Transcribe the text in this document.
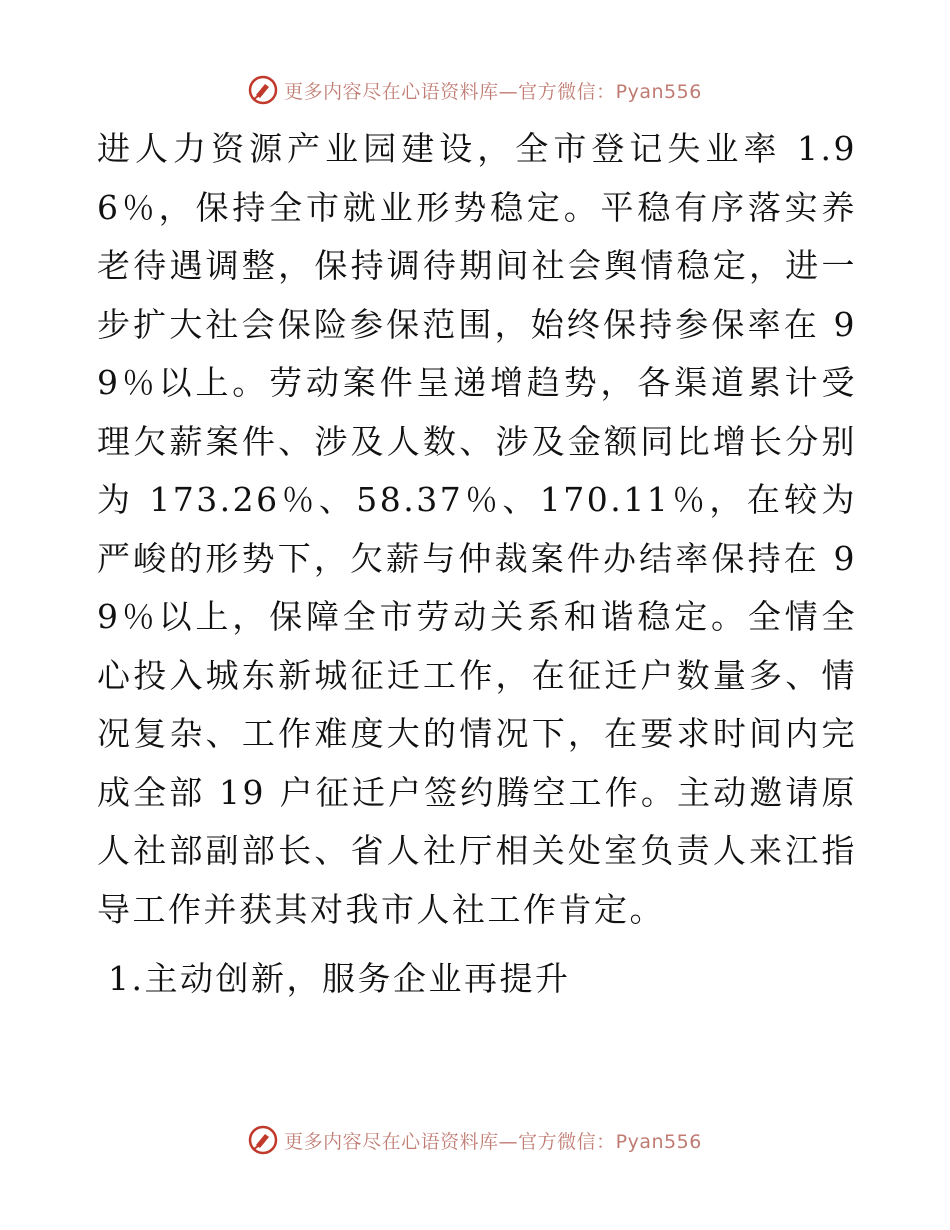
更多内容尽在心语资料库—官方微信：Pyan556

进人力资源产业园建设，全市登记失业率 1.96％，保持全市就业形势稳定。平稳有序落实养老待遇调整，保持调待期间社会舆情稳定，进一步扩大社会保险参保范围，始终保持参保率在 99％以上。劳动案件呈递增趋势，各渠道累计受理欠薪案件、涉及人数、涉及金额同比增长分别为 173.26％、58.37％、170.11％，在较为严峻的形势下，欠薪与仲裁案件办结率保持在 99％以上，保障全市劳动关系和谐稳定。全情全心投入城东新城征迁工作，在征迁户数量多、情况复杂、工作难度大的情况下，在要求时间内完成全部 19 户征迁户签约腾空工作。主动邀请原人社部副部长、省人社厅相关处室负责人来江指导工作并获其对我市人社工作肯定。

1.主动创新，服务企业再提升

更多内容尽在心语资料库—官方微信：Pyan556
